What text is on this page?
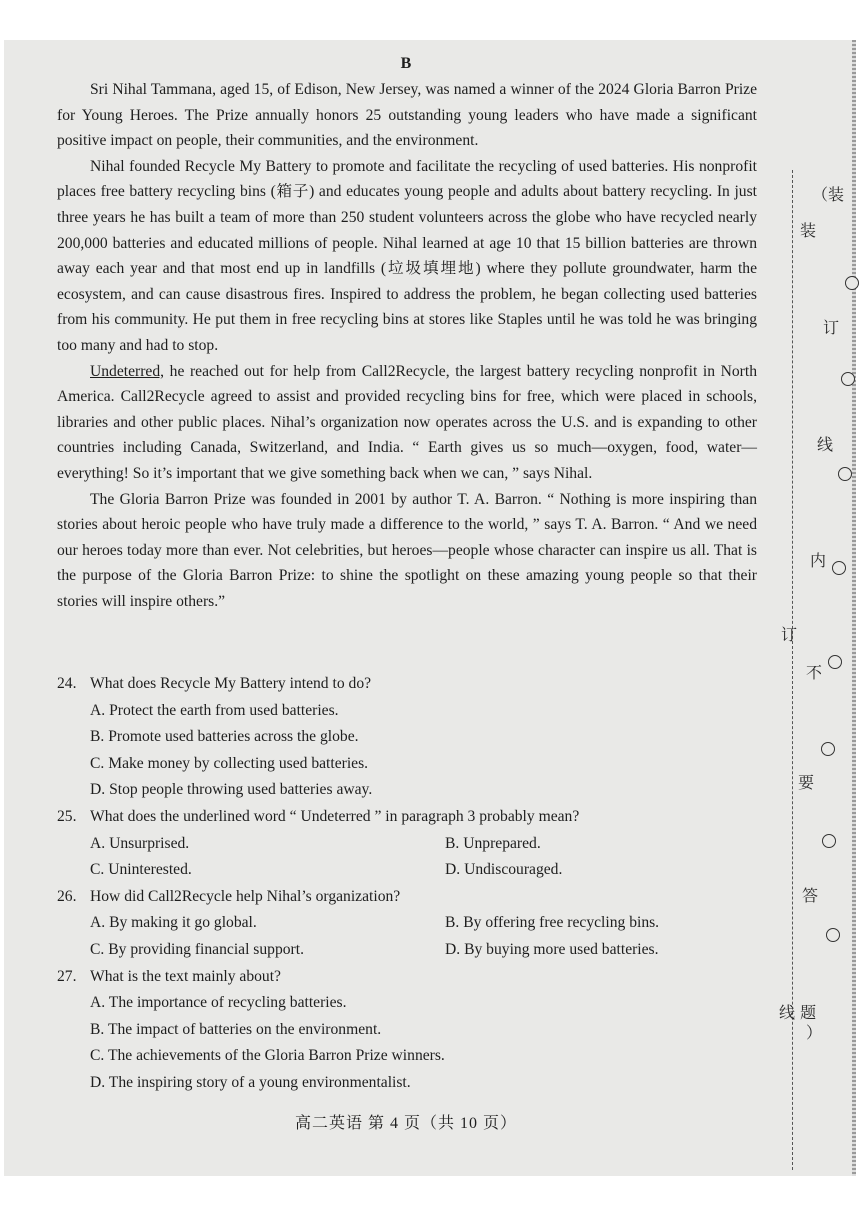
B

Sri Nihal Tammana, aged 15, of Edison, New Jersey, was named a winner of the 2024 Gloria Barron Prize for Young Heroes. The Prize annually honors 25 outstanding young leaders who have made a significant positive impact on people, their communities, and the environment.

Nihal founded Recycle My Battery to promote and facilitate the recycling of used batteries. His nonprofit places free battery recycling bins (箱子) and educates young people and adults about battery recycling. In just three years he has built a team of more than 250 student volunteers across the globe who have recycled nearly 200,000 batteries and educated millions of people. Nihal learned at age 10 that 15 billion batteries are thrown away each year and that most end up in landfills (垃圾填埋地) where they pollute groundwater, harm the ecosystem, and can cause disastrous fires. Inspired to address the problem, he began collecting used batteries from his community. He put them in free recycling bins at stores like Staples until he was told he was bringing too many and had to stop.

Undeterred, he reached out for help from Call2Recycle, the largest battery recycling nonprofit in North America. Call2Recycle agreed to assist and provided recycling bins for free, which were placed in schools, libraries and other public places. Nihal’s organization now operates across the U.S. and is expanding to other countries including Canada, Switzerland, and India. “ Earth gives us so much—oxygen, food, water—everything! So it’s important that we give something back when we can, ” says Nihal.

The Gloria Barron Prize was founded in 2001 by author T. A. Barron. “ Nothing is more inspiring than stories about heroic people who have truly made a difference to the world, ” says T. A. Barron. “ And we need our heroes today more than ever. Not celebrities, but heroes—people whose character can inspire us all. That is the purpose of the Gloria Barron Prize: to shine the spotlight on these amazing young people so that their stories will inspire others.”

24. What does Recycle My Battery intend to do?
A. Protect the earth from used batteries.
B. Promote used batteries across the globe.
C. Make money by collecting used batteries.
D. Stop people throwing used batteries away.
25. What does the underlined word “ Undeterred ” in paragraph 3 probably mean?
A. Unsurprised.	B. Unprepared.
C. Uninterested.	D. Undiscouraged.
26. How did Call2Recycle help Nihal’s organization?
A. By making it go global.	B. By offering free recycling bins.
C. By providing financial support.	D. By buying more used batteries.
27. What is the text mainly about?
A. The importance of recycling batteries.
B. The impact of batteries on the environment.
C. The achievements of the Gloria Barron Prize winners.
D. The inspiring story of a young environmentalist.
高二英语 第 4 页（共 10 页）
（装
装
订
线
内
订
不
要
答
线 题
）
